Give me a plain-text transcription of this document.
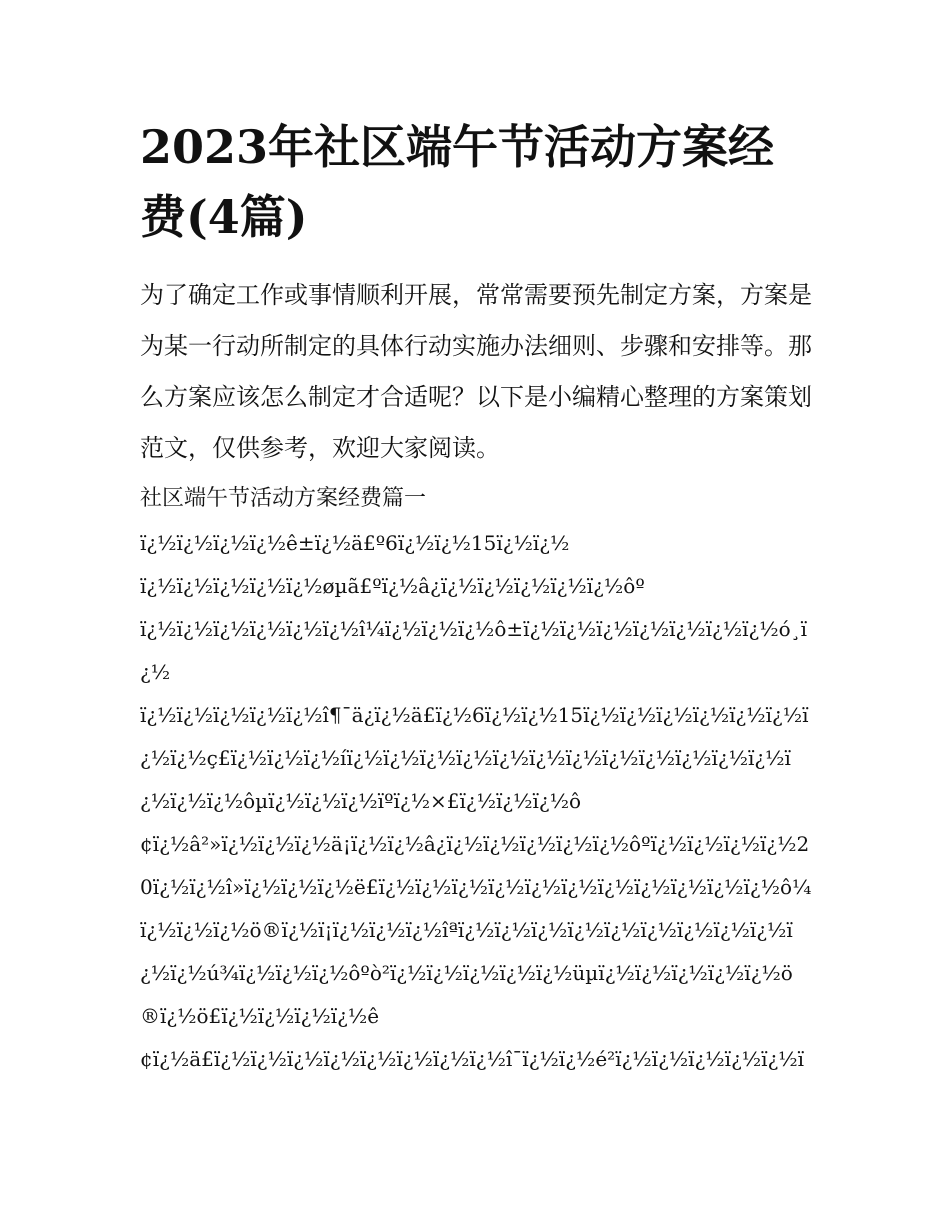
2023年社区端午节活动方案经费(4篇)

为了确定工作或事情顺利开展，常常需要预先制定方案，方案是为某一行动所制定的具体行动实施办法细则、步骤和安排等。那么方案应该怎么制定才合适呢？以下是小编精心整理的方案策划范文，仅供参考，欢迎大家阅读。

社区端午节活动方案经费篇一

ï¿½ï¿½ï¿½ï¿½ê±ï¿½ä£º6ï¿½ï¿½15ï¿½ï¿½

ï¿½ï¿½ï¿½ï¿½ï¿½øµã£ºï¿½â¿ï¿½ï¿½ï¿½ï¿½ï¿½ôº

ï¿½ï¿½ï¿½ï¿½ï¿½ï¿½î¼ï¿½ï¿½ï¿½ô±ï¿½ï¿½ï¿½ï¿½ï¿½ï¿½ï¿½ó¸ï¿½

ï¿½ï¿½ï¿½ï¿½ï¿½î¶¯ä¿ï¿½ä£ï¿½6ï¿½ï¿½15ï¿½ï¿½ï¿½ï¿½ï¿½ï¿½ï¿½ï¿½ç£ï¿½ï¿½ï¿½íï¿½ï¿½ï¿½ï¿½ï¿½ï¿½ï¿½ï¿½ï¿½ï¿½ï¿½ï¿½ï¿½ï¿½ï¿½ôµï¿½ï¿½ï¿½ïºï¿½×£ï¿½ï¿½ï¿½ô

¢ï¿½â²»ï¿½ï¿½ï¿½ä¡ï¿½ï¿½â¿ï¿½ï¿½ï¿½ï¿½ï¿½ôºï¿½ï¿½ï¿½ï¿½20ï¿½ï¿½î»ï¿½ï¿½ï¿½ë£ï¿½ï¿½ï¿½ï¿½ï¿½ï¿½ï¿½ï¿½ï¿½ï¿½ï¿½ô¼ï¿½ï¿½ï¿½ö®ï¿½ï¡ï¿½ï¿½ï¿½îªï¿½ï¿½ï¿½ï¿½ï¿½ï¿½ï¿½ï¿½ï¿½ï¿½ï¿½ú¾ï¿½ï¿½ï¿½ôºò²ï¿½ï¿½ï¿½ï¿½ï¿½üµï¿½ï¿½ï¿½ï¿½ï¿½ö®ï¿½ö£ï¿½ï¿½ï¿½ï¿½ê

¢ï¿½ä£ï¿½ï¿½ï¿½ï¿½ï¿½ï¿½ï¿½ï¿½î¯ï¿½ï¿½é²ï¿½ï¿½ï¿½ï¿½ï¿½ï
